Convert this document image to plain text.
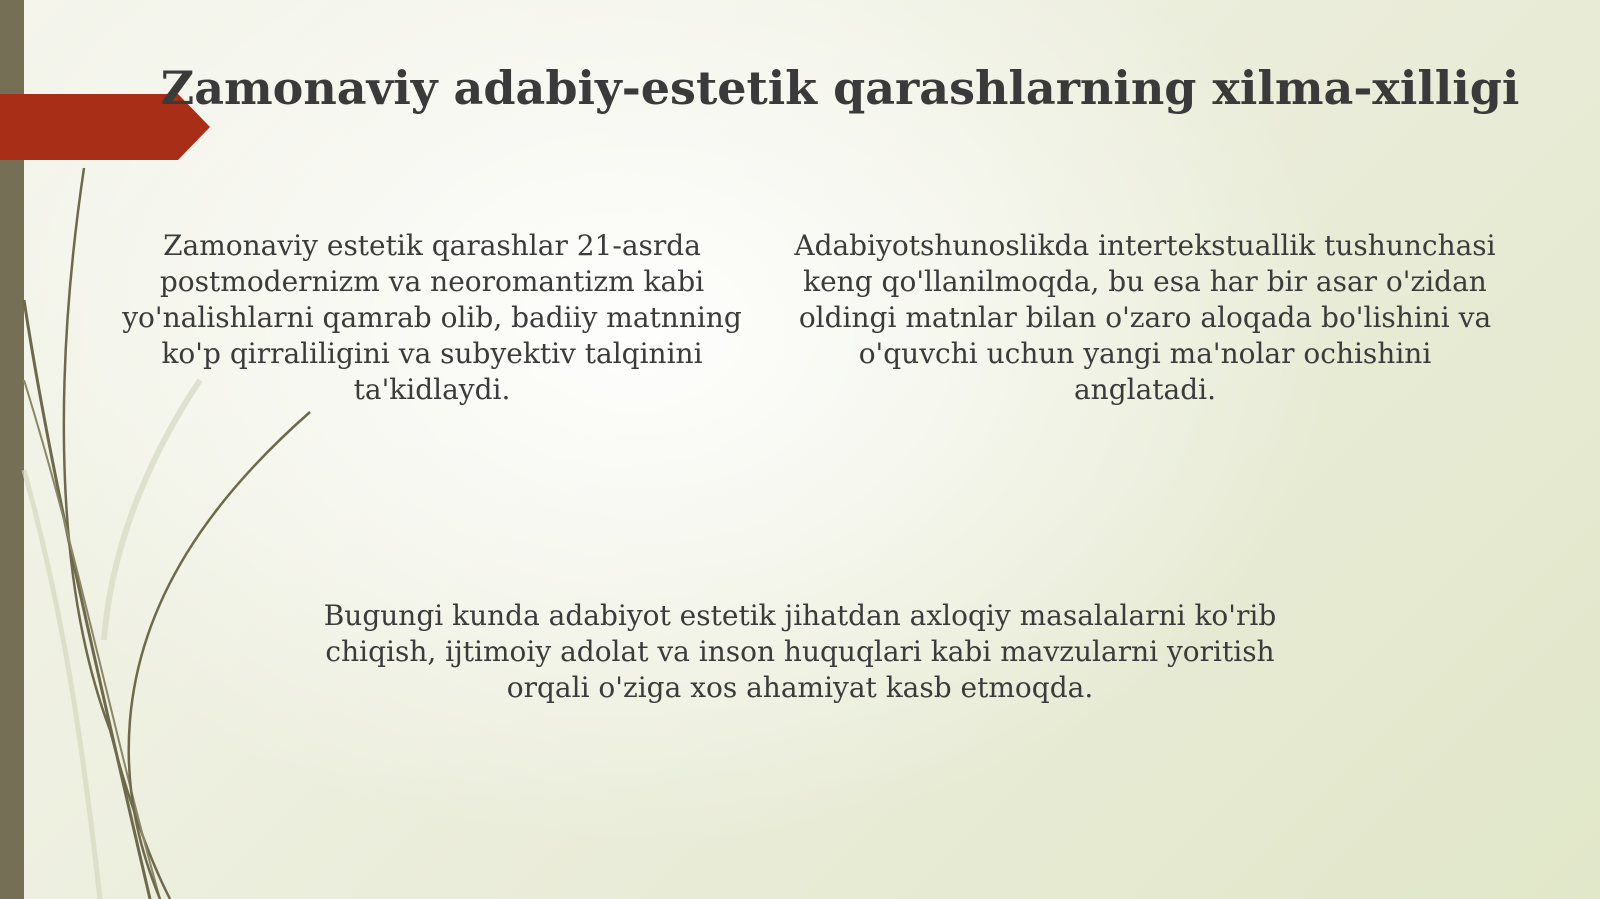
Zamonaviy adabiy-estetik qarashlarning xilma-xilligi

Zamonaviy estetik qarashlar 21-asrda postmodernizm va neoromantizm kabi yo'nalishlarni qamrab olib, badiiy matnning ko'p qirraliligini va subyektiv talqinini ta'kidlaydi.

Adabiyotshunoslikda intertekstuallik tushunchasi keng qo'llanilmoqda, bu esa har bir asar o'zidan oldingi matnlar bilan o'zaro aloqada bo'lishini va o'quvchi uchun yangi ma'nolar ochishini anglatadi.

Bugungi kunda adabiyot estetik jihatdan axloqiy masalalarni ko'rib chiqish, ijtimoiy adolat va inson huquqlari kabi mavzularni yoritish orqali o'ziga xos ahamiyat kasb etmoqda.
